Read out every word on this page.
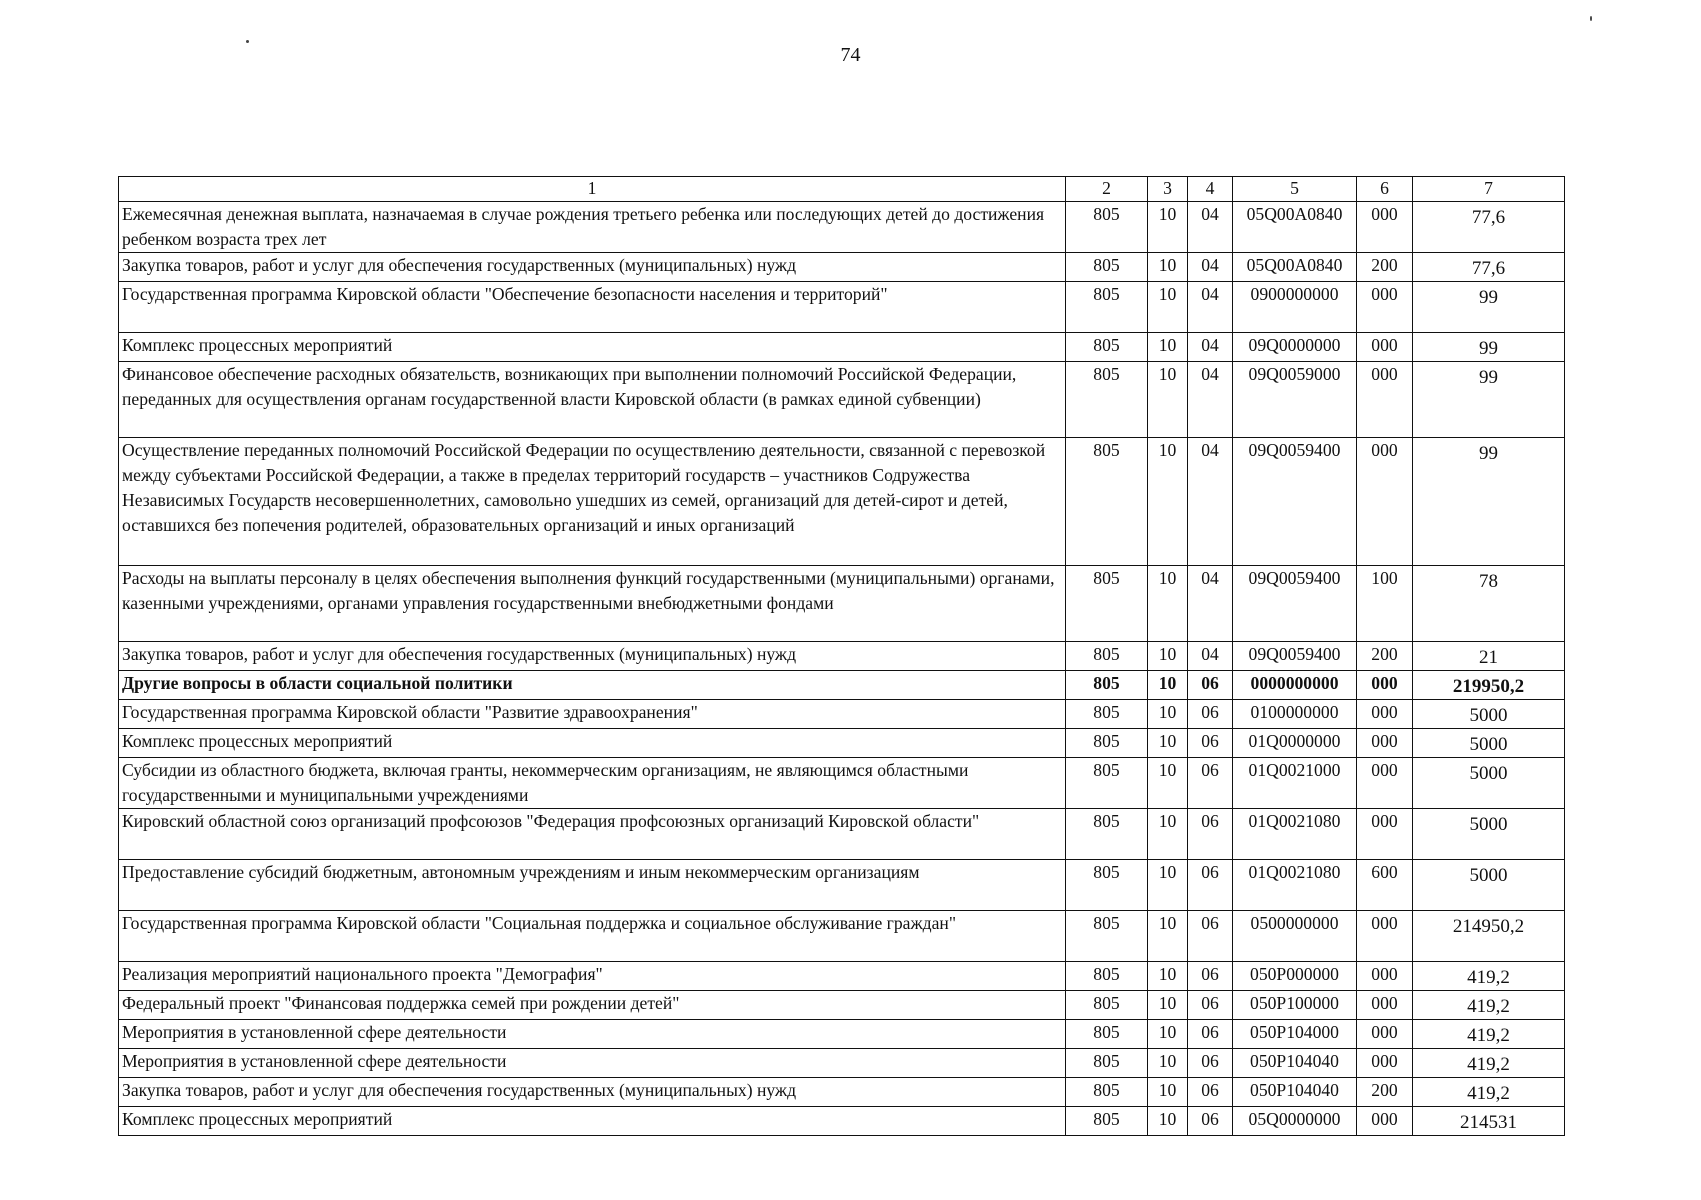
74
1	2	3	4	5	6	7
Ежемесячная денежная выплата, назначаемая в случае рождения третьего ребенка или последующих детей до достижения ребенком возраста трех лет	805	10	04	05Q00A0840	000	77,6
Закупка товаров, работ и услуг для обеспечения государственных (муниципальных) нужд	805	10	04	05Q00A0840	200	77,6
Государственная программа Кировской области "Обеспечение безопасности населения и территорий"	805	10	04	0900000000	000	99
Комплекс процессных мероприятий	805	10	04	09Q0000000	000	99
Финансовое обеспечение расходных обязательств, возникающих при выполнении полномочий Российской Федерации, переданных для осуществления органам государственной власти Кировской области (в рамках единой субвенции)	805	10	04	09Q0059000	000	99
Осуществление переданных полномочий Российской Федерации по осуществлению деятельности, связанной с перевозкой между субъектами Российской Федерации, а также в пределах территорий государств – участников Содружества Независимых Государств несовершеннолетних, самовольно ушедших из семей, организаций для детей-сирот и детей, оставшихся без попечения родителей, образовательных организаций и иных организаций	805	10	04	09Q0059400	000	99
Расходы на выплаты персоналу в целях обеспечения выполнения функций государственными (муниципальными) органами, казенными учреждениями, органами управления государственными внебюджетными фондами	805	10	04	09Q0059400	100	78
Закупка товаров, работ и услуг для обеспечения государственных (муниципальных) нужд	805	10	04	09Q0059400	200	21
Другие вопросы в области социальной политики	805	10	06	0000000000	000	219950,2
Государственная программа Кировской области "Развитие здравоохранения"	805	10	06	0100000000	000	5000
Комплекс процессных мероприятий	805	10	06	01Q0000000	000	5000
Субсидии из областного бюджета, включая гранты, некоммерческим организациям, не являющимся областными государственными и муниципальными учреждениями	805	10	06	01Q0021000	000	5000
Кировский областной союз организаций профсоюзов "Федерация профсоюзных организаций Кировской области"	805	10	06	01Q0021080	000	5000
Предоставление субсидий бюджетным, автономным учреждениям и иным некоммерческим организациям	805	10	06	01Q0021080	600	5000
Государственная программа Кировской области "Социальная поддержка и социальное обслуживание граждан"	805	10	06	0500000000	000	214950,2
Реализация мероприятий национального проекта "Демография"	805	10	06	050P000000	000	419,2
Федеральный проект "Финансовая поддержка семей при рождении детей"	805	10	06	050P100000	000	419,2
Мероприятия в установленной сфере деятельности	805	10	06	050P104000	000	419,2
Мероприятия в установленной сфере деятельности	805	10	06	050P104040	000	419,2
Закупка товаров, работ и услуг для обеспечения государственных (муниципальных) нужд	805	10	06	050P104040	200	419,2
Комплекс процессных мероприятий	805	10	06	05Q0000000	000	214531
